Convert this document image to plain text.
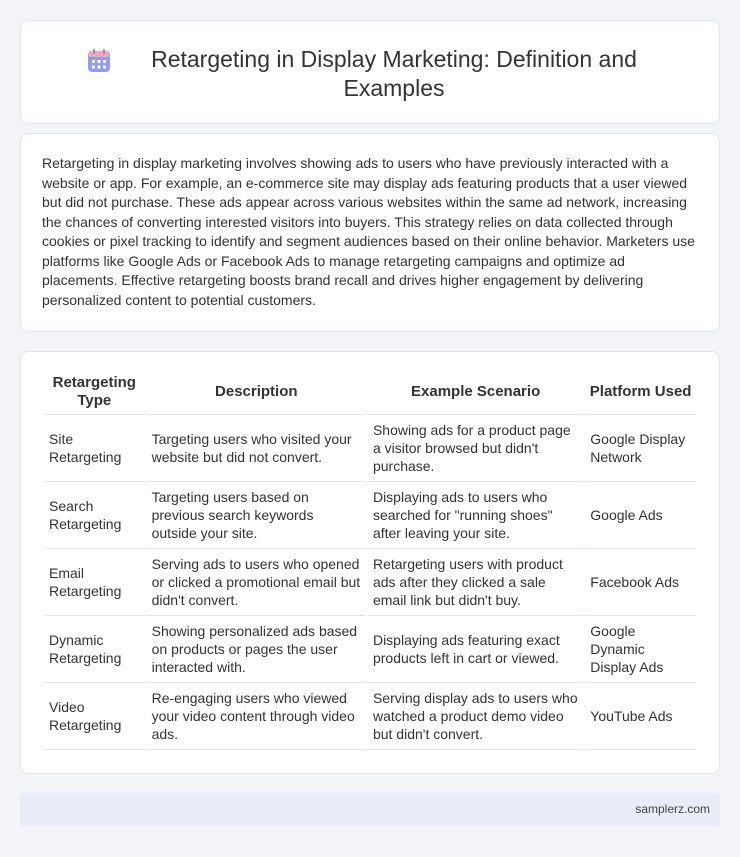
Retargeting in Display Marketing: Definition and Examples

Retargeting in display marketing involves showing ads to users who have previously interacted with a website or app. For example, an e-commerce site may display ads featuring products that a user viewed but did not purchase. These ads appear across various websites within the same ad network, increasing the chances of converting interested visitors into buyers. This strategy relies on data collected through cookies or pixel tracking to identify and segment audiences based on their online behavior. Marketers use platforms like Google Ads or Facebook Ads to manage retargeting campaigns and optimize ad placements. Effective retargeting boosts brand recall and drives higher engagement by delivering personalized content to potential customers.

Retargeting Type	Description	Example Scenario	Platform Used
Site Retargeting	Targeting users who visited your website but did not convert.	Showing ads for a product page a visitor browsed but didn't purchase.	Google Display Network
Search Retargeting	Targeting users based on previous search keywords outside your site.	Displaying ads to users who searched for "running shoes" after leaving your site.	Google Ads
Email Retargeting	Serving ads to users who opened or clicked a promotional email but didn't convert.	Retargeting users with product ads after they clicked a sale email link but didn't buy.	Facebook Ads
Dynamic Retargeting	Showing personalized ads based on products or pages the user interacted with.	Displaying ads featuring exact products left in cart or viewed.	Google Dynamic Display Ads
Video Retargeting	Re-engaging users who viewed your video content through video ads.	Serving display ads to users who watched a product demo video but didn't convert.	YouTube Ads
samplerz.com
